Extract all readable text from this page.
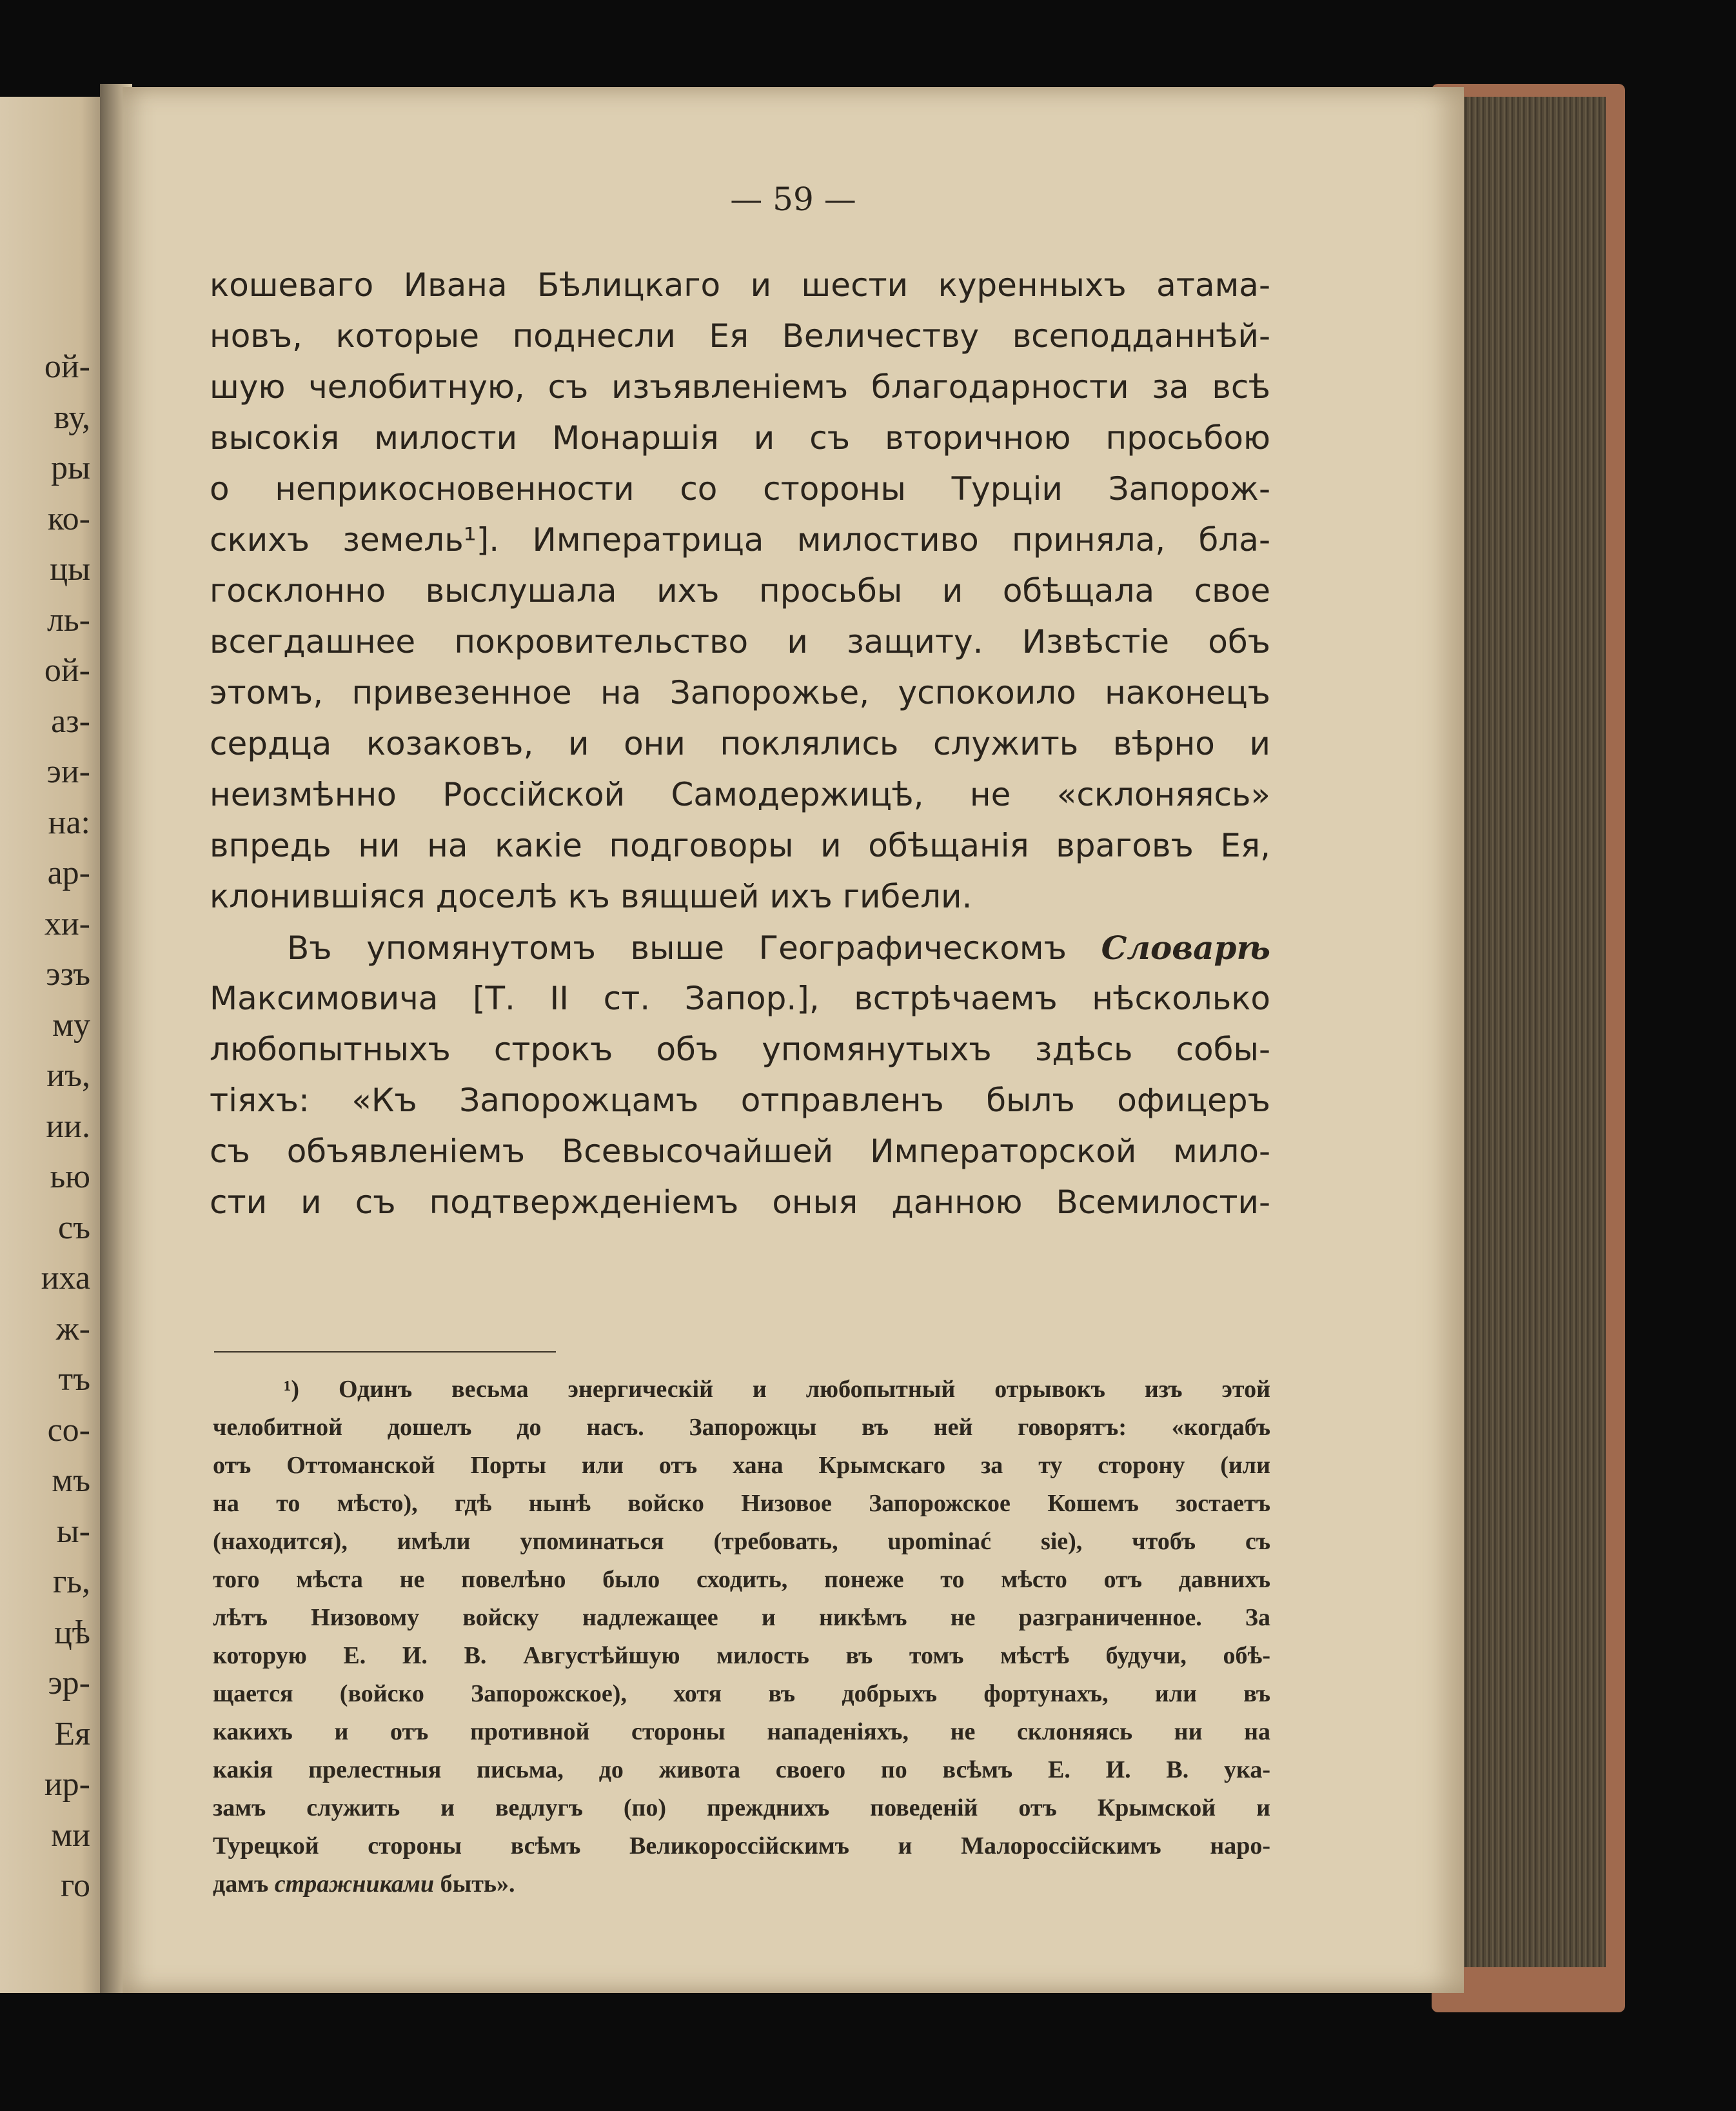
ой-
ву,
ры
ко-
цы
ль-
ой-
аз-
эи-
на:
ар-
хи-
эзъ
му
иъ,
ии.
ью
съ
иха
ж-
тъ
со-
мъ
ы-
гь,
цѣ
эр-
Ея
ир-
ми
го
— 59 —
кошеваго Ивана Бѣлицкаго и шести куренныхъ атама-
новъ, которые поднесли Ея Величеству всеподданнѣй-
шую челобитную, съ изъявленіемъ благодарности за всѣ
высокія милости Монаршія и съ вторичною просьбою
о неприкосновенности со стороны Турціи Запорож-
скихъ земель¹]. Императрица милостиво приняла, бла-
госклонно выслушала ихъ просьбы и обѣщала свое
всегдашнее покровительство и защиту. Извѣстіе объ
этомъ, привезенное на Запорожье, успокоило наконецъ
сердца козаковъ, и они поклялись служить вѣрно и
неизмѣнно Россійской Самодержицѣ, не «склоняясь»
впредь ни на какіе подговоры и обѣщанія враговъ Ея,
клонившіяся доселѣ къ вящшей ихъ гибели.
Въ упомянутомъ выше Географическомъ Словарѣ
Максимовича [Т. II ст. Запор.], встрѣчаемъ нѣсколько
любопытныхъ строкъ объ упомянутыхъ здѣсь собы-
тіяхъ: «Къ Запорожцамъ отправленъ былъ офицеръ
съ объявленіемъ Всевысочайшей Императорской мило-
сти и съ подтвержденіемъ оныя данною Всемилости-
¹) Одинъ весьма энергическій и любопытный отрывокъ изъ этой
челобитной дошелъ до насъ. Запорожцы въ ней говорятъ: «когдабъ
отъ Оттоманской Порты или отъ хана Крымскаго за ту сторону (или
на то мѣсто), гдѣ нынѣ войско Низовое Запорожское Кошемъ зостаетъ
(находится), имѣли упоминаться (требовать, upominać sie), чтобъ съ
того мѣста не повелѣно было сходить, понеже то мѣсто отъ давнихъ
лѣтъ Низовому войску надлежащее и никѣмъ не разграниченное. За
которую Е. И. В. Августѣйшую милость въ томъ мѣстѣ будучи, обѣ-
щается (войско Запорожское), хотя въ добрыхъ фортунахъ, или въ
какихъ и отъ противной стороны нападеніяхъ, не склоняясь ни на
какія прелестныя письма, до живота своего по всѣмъ Е. И. В. ука-
замъ служить и ведлугъ (по) прежднихъ поведеній отъ Крымской и
Турецкой стороны всѣмъ Великороссійскимъ и Малороссійскимъ наро-
дамъ стражниками быть».
